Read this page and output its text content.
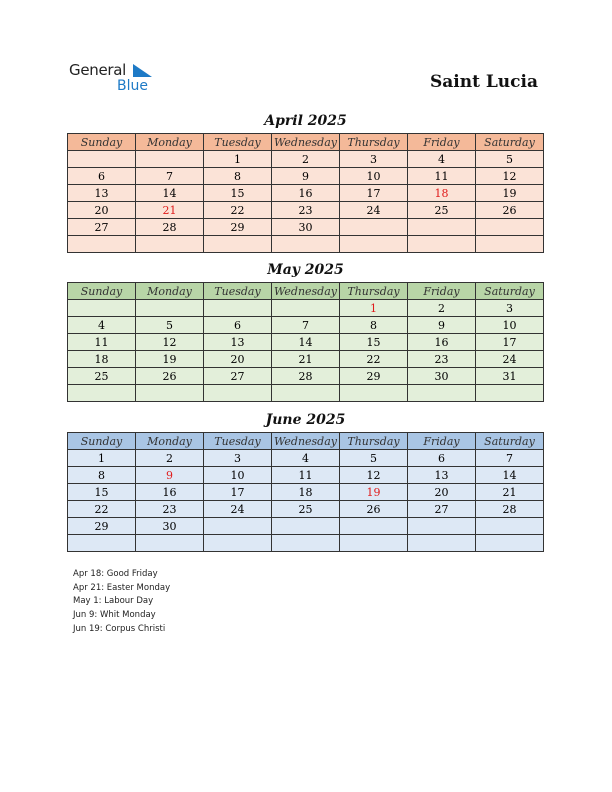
General
Blue	Saint Lucia
April 2025
Sunday	Monday	Tuesday	Wednesday	Thursday	Friday	Saturday
		1	2	3	4	5
6	7	8	9	10	11	12
13	14	15	16	17	18	19
20	21	22	23	24	25	26
27	28	29	30			

May 2025
Sunday	Monday	Tuesday	Wednesday	Thursday	Friday	Saturday
				1	2	3
4	5	6	7	8	9	10
11	12	13	14	15	16	17
18	19	20	21	22	23	24
25	26	27	28	29	30	31

June 2025
Sunday	Monday	Tuesday	Wednesday	Thursday	Friday	Saturday
1	2	3	4	5	6	7
8	9	10	11	12	13	14
15	16	17	18	19	20	21
22	23	24	25	26	27	28
29	30					

Apr 18: Good Friday
Apr 21: Easter Monday
May 1: Labour Day
Jun 9: Whit Monday
Jun 19: Corpus Christi
